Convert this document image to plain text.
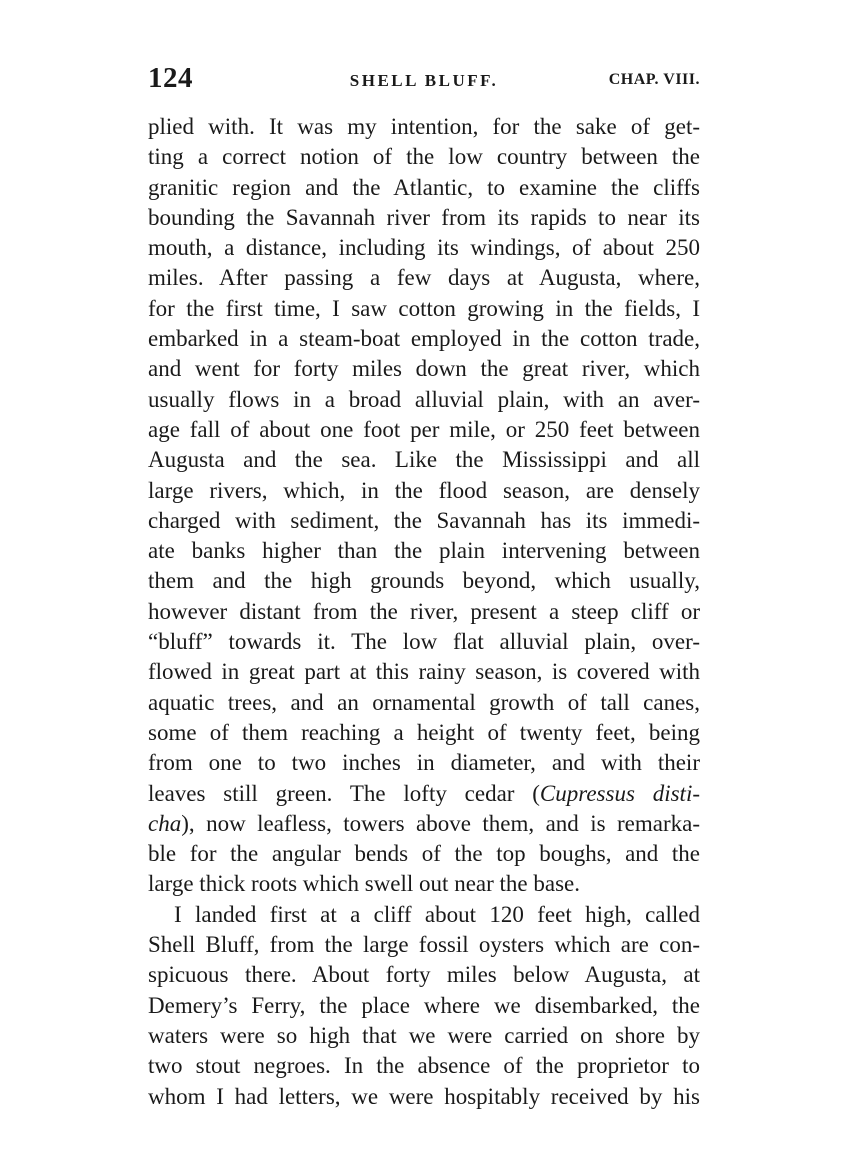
124	SHELL BLUFF.	CHAP. VIII.
plied with. It was my intention, for the sake of get-
ting a correct notion of the low country between the
granitic region and the Atlantic, to examine the cliffs
bounding the Savannah river from its rapids to near its
mouth, a distance, including its windings, of about 250
miles. After passing a few days at Augusta, where,
for the first time, I saw cotton growing in the fields, I
embarked in a steam-boat employed in the cotton trade,
and went for forty miles down the great river, which
usually flows in a broad alluvial plain, with an aver-
age fall of about one foot per mile, or 250 feet between
Augusta and the sea. Like the Mississippi and all
large rivers, which, in the flood season, are densely
charged with sediment, the Savannah has its immedi-
ate banks higher than the plain intervening between
them and the high grounds beyond, which usually,
however distant from the river, present a steep cliff or
“bluff” towards it. The low flat alluvial plain, over-
flowed in great part at this rainy season, is covered with
aquatic trees, and an ornamental growth of tall canes,
some of them reaching a height of twenty feet, being
from one to two inches in diameter, and with their
leaves still green. The lofty cedar (Cupressus disti-
cha), now leafless, towers above them, and is remarka-
ble for the angular bends of the top boughs, and the
large thick roots which swell out near the base.
I landed first at a cliff about 120 feet high, called
Shell Bluff, from the large fossil oysters which are con-
spicuous there. About forty miles below Augusta, at
Demery’s Ferry, the place where we disembarked, the
waters were so high that we were carried on shore by
two stout negroes. In the absence of the proprietor to
whom I had letters, we were hospitably received by his
